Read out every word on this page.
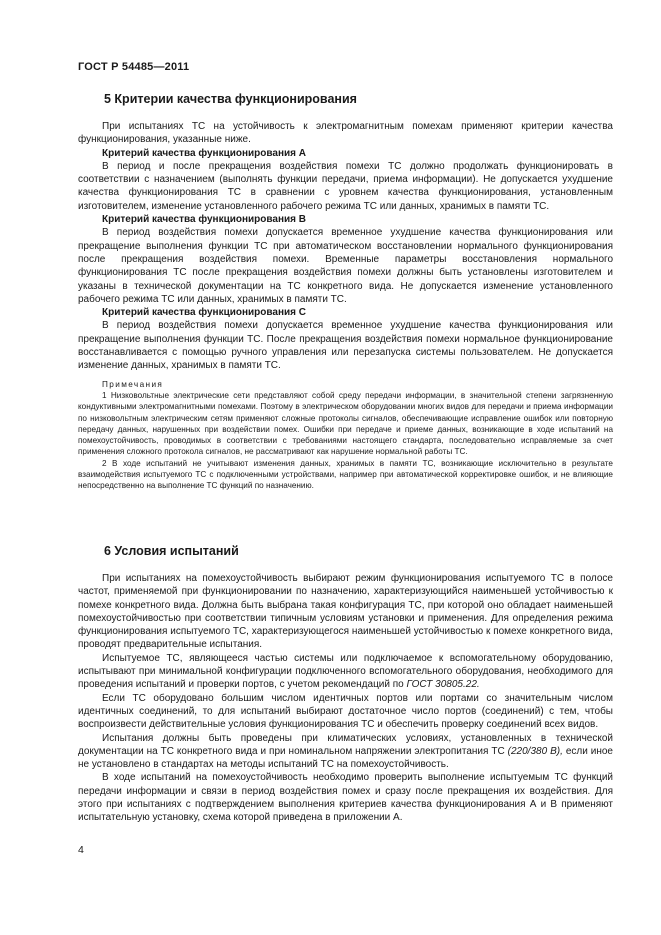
ГОСТ Р 54485—2011
5 Критерии качества функционирования

При испытаниях ТС на устойчивость к электромагнитным помехам применяют критерии качества функционирования, указанные ниже.

Критерий качества функционирования А

В период и после прекращения воздействия помехи ТС должно продолжать функционировать в соответствии с назначением (выполнять функции передачи, приема информации). Не допускается ухудшение качества функционирования ТС в сравнении с уровнем качества функционирования, установленным изготовителем, изменение установленного рабочего режима ТС или данных, хранимых в памяти ТС.

Критерий качества функционирования В

В период воздействия помехи допускается временное ухудшение качества функционирования или прекращение выполнения функции ТС при автоматическом восстановлении нормального функционирования после прекращения воздействия помехи. Временные параметры восстановления нормального функционирования ТС после прекращения воздействия помехи должны быть установлены изготовителем и указаны в технической документации на ТС конкретного вида. Не допускается изменение установленного рабочего режима ТС или данных, хранимых в памяти ТС.

Критерий качества функционирования С

В период воздействия помехи допускается временное ухудшение качества функционирования или прекращение выполнения функции ТС. После прекращения воздействия помехи нормальное функционирование восстанавливается с помощью ручного управления или перезапуска системы пользователем. Не допускается изменение данных, хранимых в памяти ТС.

Примечания

1 Низковольтные электрические сети представляют собой среду передачи информации, в значительной степени загрязненную кондуктивными электромагнитными помехами. Поэтому в электрическом оборудовании многих видов для передачи и приема информации по низковольтным электрическим сетям применяют сложные протоколы сигналов, обеспечивающие исправление ошибок или повторную передачу данных, нарушенных при воздействии помех. Ошибки при передаче и приеме данных, возникающие в ходе испытаний на помехоустойчивость, проводимых в соответствии с требованиями настоящего стандарта, последовательно исправляемые за счет применения сложного протокола сигналов, не рассматривают как нарушение нормальной работы ТС.

2 В ходе испытаний не учитывают изменения данных, хранимых в памяти ТС, возникающие исключительно в результате взаимодействия испытуемого ТС с подключенными устройствами, например при автоматической корректировке ошибок, и не влияющие непосредственно на выполнение ТС функций по назначению.

6 Условия испытаний

При испытаниях на помехоустойчивость выбирают режим функционирования испытуемого ТС в полосе частот, применяемой при функционировании по назначению, характеризующийся наименьшей устойчивостью к помехе конкретного вида. Должна быть выбрана такая конфигурация ТС, при которой оно обладает наименьшей помехоустойчивостью при соответствии типичным условиям установки и применения. Для определения режима функционирования испытуемого ТС, характеризующегося наименьшей устойчивостью к помехе конкретного вида, проводят предварительные испытания.

Испытуемое ТС, являющееся частью системы или подключаемое к вспомогательному оборудованию, испытывают при минимальной конфигурации подключенного вспомогательного оборудования, необходимого для проведения испытаний и проверки портов, с учетом рекомендаций по ГОСТ 30805.22.

Если ТС оборудовано большим числом идентичных портов или портами со значительным числом идентичных соединений, то для испытаний выбирают достаточное число портов (соединений) с тем, чтобы воспроизвести действительные условия функционирования ТС и обеспечить проверку соединений всех видов.

Испытания должны быть проведены при климатических условиях, установленных в технической документации на ТС конкретного вида и при номинальном напряжении электропитания ТС (220/380 В), если иное не установлено в стандартах на методы испытаний ТС на помехоустойчивость.

В ходе испытаний на помехоустойчивость необходимо проверить выполнение испытуемым ТС функций передачи информации и связи в период воздействия помех и сразу после прекращения их воздействия. Для этого при испытаниях с подтверждением выполнения критериев качества функционирования А и В применяют испытательную установку, схема которой приведена в приложении А.

4
